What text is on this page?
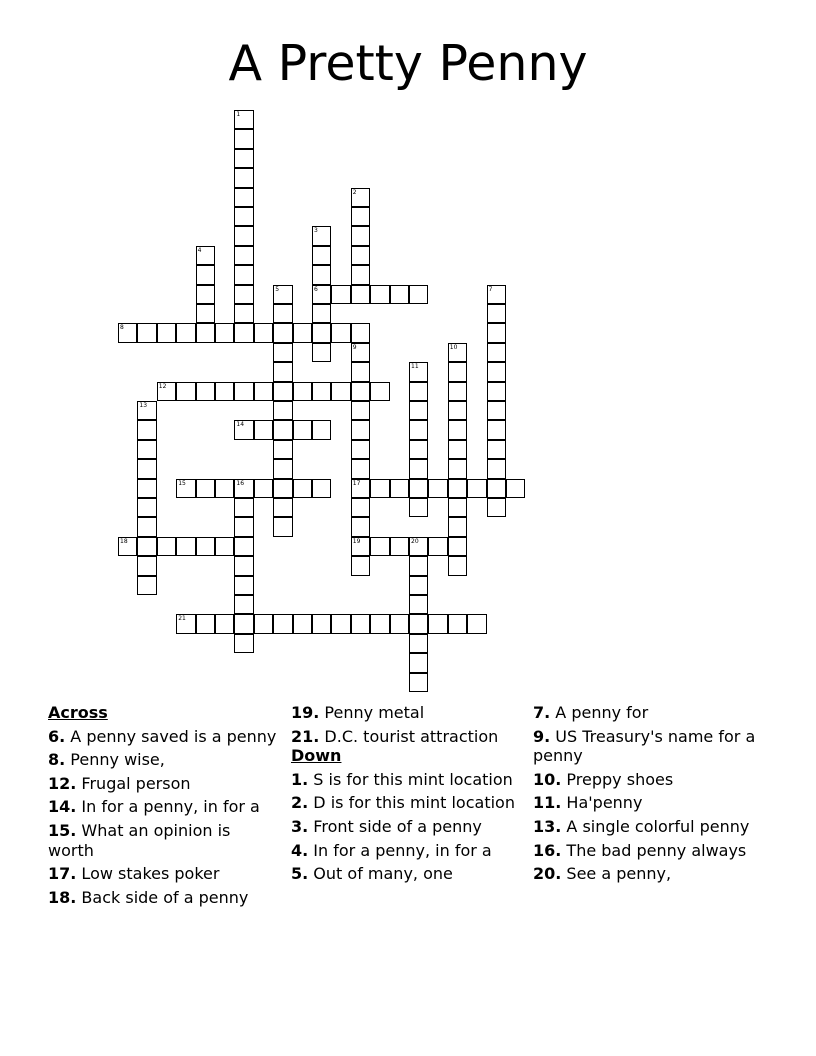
A Pretty Penny
1
2
3
6
4
5	7
8
9
17
19
10
11
12
13
14
15	16
18	20
21
Across
6. A penny saved is a penny
8. Penny wise,
12. Frugal person
14. In for a penny, in for a
15. What an opinion is worth
17. Low stakes poker
18. Back side of a penny
19. Penny metal
21. D.C. tourist attraction
Down
1. S is for this mint location
2. D is for this mint location
3. Front side of a penny
4. In for a penny, in for a
5. Out of many, one
7. A penny for
9. US Treasury's name for a penny
10. Preppy shoes
11. Ha'penny
13. A single colorful penny
16. The bad penny always
20. See a penny,
